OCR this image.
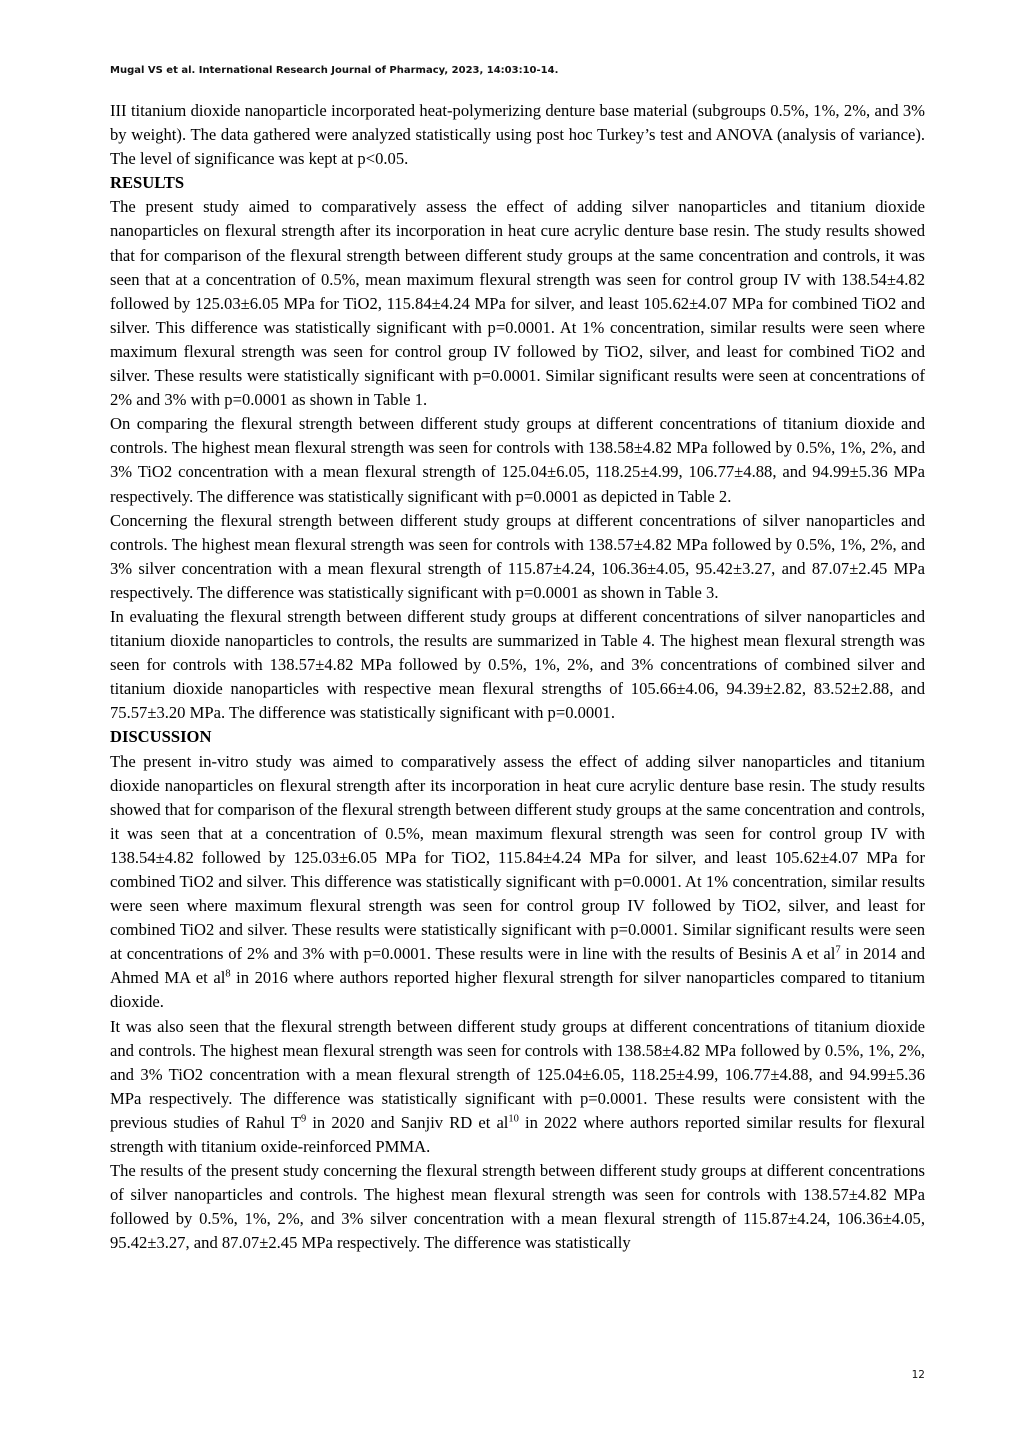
Mugal VS et al. International Research Journal of Pharmacy, 2023, 14:03:10-14.

III titanium dioxide nanoparticle incorporated heat-polymerizing denture base material (subgroups 0.5%, 1%, 2%, and 3% by weight). The data gathered were analyzed statistically using post hoc Turkey’s test and ANOVA (analysis of variance). The level of significance was kept at p<0.05.

RESULTS

The present study aimed to comparatively assess the effect of adding silver nanoparticles and titanium dioxide nanoparticles on flexural strength after its incorporation in heat cure acrylic denture base resin. The study results showed that for comparison of the flexural strength between different study groups at the same concentration and controls, it was seen that at a concentration of 0.5%, mean maximum flexural strength was seen for control group IV with 138.54±4.82 followed by 125.03±6.05 MPa for TiO2, 115.84±4.24 MPa for silver, and least 105.62±4.07 MPa for combined TiO2 and silver. This difference was statistically significant with p=0.0001. At 1% concentration, similar results were seen where maximum flexural strength was seen for control group IV followed by TiO2, silver, and least for combined TiO2 and silver. These results were statistically significant with p=0.0001. Similar significant results were seen at concentrations of 2% and 3% with p=0.0001 as shown in Table 1.

On comparing the flexural strength between different study groups at different concentrations of titanium dioxide and controls. The highest mean flexural strength was seen for controls with 138.58±4.82 MPa followed by 0.5%, 1%, 2%, and 3% TiO2 concentration with a mean flexural strength of 125.04±6.05, 118.25±4.99, 106.77±4.88, and 94.99±5.36 MPa respectively. The difference was statistically significant with p=0.0001 as depicted in Table 2.

Concerning the flexural strength between different study groups at different concentrations of silver nanoparticles and controls. The highest mean flexural strength was seen for controls with 138.57±4.82 MPa followed by 0.5%, 1%, 2%, and 3% silver concentration with a mean flexural strength of 115.87±4.24, 106.36±4.05, 95.42±3.27, and 87.07±2.45 MPa respectively. The difference was statistically significant with p=0.0001 as shown in Table 3.

In evaluating the flexural strength between different study groups at different concentrations of silver nanoparticles and titanium dioxide nanoparticles to controls, the results are summarized in Table 4. The highest mean flexural strength was seen for controls with 138.57±4.82 MPa followed by 0.5%, 1%, 2%, and 3% concentrations of combined silver and titanium dioxide nanoparticles with respective mean flexural strengths of 105.66±4.06, 94.39±2.82, 83.52±2.88, and 75.57±3.20 MPa. The difference was statistically significant with p=0.0001.

DISCUSSION

The present in-vitro study was aimed to comparatively assess the effect of adding silver nanoparticles and titanium dioxide nanoparticles on flexural strength after its incorporation in heat cure acrylic denture base resin. The study results showed that for comparison of the flexural strength between different study groups at the same concentration and controls, it was seen that at a concentration of 0.5%, mean maximum flexural strength was seen for control group IV with 138.54±4.82 followed by 125.03±6.05 MPa for TiO2, 115.84±4.24 MPa for silver, and least 105.62±4.07 MPa for combined TiO2 and silver. This difference was statistically significant with p=0.0001. At 1% concentration, similar results were seen where maximum flexural strength was seen for control group IV followed by TiO2, silver, and least for combined TiO2 and silver. These results were statistically significant with p=0.0001. Similar significant results were seen at concentrations of 2% and 3% with p=0.0001. These results were in line with the results of Besinis A et $al^7$ in 2014 and Ahmed MA et $al^8$ in 2016 where authors reported higher flexural strength for silver nanoparticles compared to titanium dioxide.

It was also seen that the flexural strength between different study groups at different concentrations of titanium dioxide and controls. The highest mean flexural strength was seen for controls with 138.58±4.82 MPa followed by 0.5%, 1%, 2%, and 3% TiO2 concentration with a mean flexural strength of 125.04±6.05, 118.25±4.99, 106.77±4.88, and 94.99±5.36 MPa respectively. The difference was statistically significant with p=0.0001. These results were consistent with the previous studies of Rahul $T^9$ in 2020 and Sanjiv RD et $al^{10}$ in 2022 where authors reported similar results for flexural strength with titanium oxide-reinforced PMMA.

The results of the present study concerning the flexural strength between different study groups at different concentrations of silver nanoparticles and controls. The highest mean flexural strength was seen for controls with 138.57±4.82 MPa followed by 0.5%, 1%, 2%, and 3% silver concentration with a mean flexural strength of 115.87±4.24, 106.36±4.05, 95.42±3.27, and 87.07±2.45 MPa respectively. The difference was statistically

12
